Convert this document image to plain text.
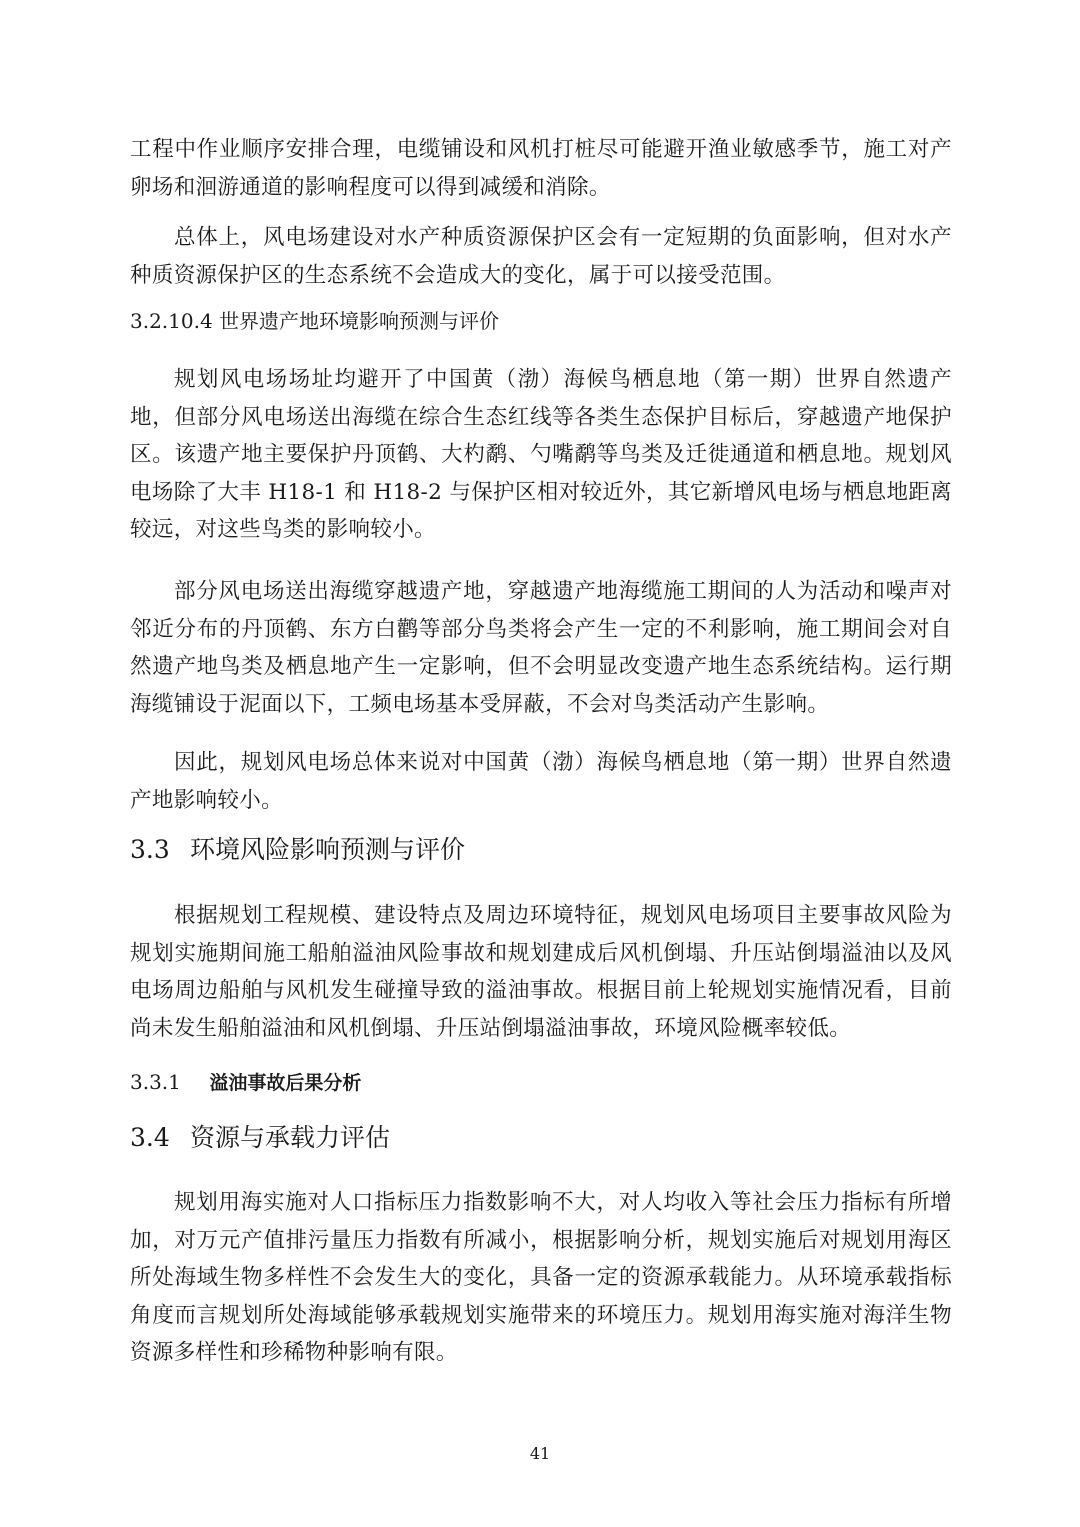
工程中作业顺序安排合理，电缆铺设和风机打桩尽可能避开渔业敏感季节，施工对产卵场和洄游通道的影响程度可以得到减缓和消除。

总体上，风电场建设对水产种质资源保护区会有一定短期的负面影响，但对水产种质资源保护区的生态系统不会造成大的变化，属于可以接受范围。

3.2.10.4 世界遗产地环境影响预测与评价

规划风电场场址均避开了中国黄（渤）海候鸟栖息地（第一期）世界自然遗产地，但部分风电场送出海缆在综合生态红线等各类生态保护目标后，穿越遗产地保护区。该遗产地主要保护丹顶鹤、大杓鹬、勺嘴鹬等鸟类及迁徙通道和栖息地。规划风电场除了大丰 H18-1 和 H18-2 与保护区相对较近外，其它新增风电场与栖息地距离较远，对这些鸟类的影响较小。

部分风电场送出海缆穿越遗产地，穿越遗产地海缆施工期间的人为活动和噪声对邻近分布的丹顶鹤、东方白鹳等部分鸟类将会产生一定的不利影响，施工期间会对自然遗产地鸟类及栖息地产生一定影响，但不会明显改变遗产地生态系统结构。运行期海缆铺设于泥面以下，工频电场基本受屏蔽，不会对鸟类活动产生影响。

因此，规划风电场总体来说对中国黄（渤）海候鸟栖息地（第一期）世界自然遗产地影响较小。

3.3 环境风险影响预测与评价

根据规划工程规模、建设特点及周边环境特征，规划风电场项目主要事故风险为规划实施期间施工船舶溢油风险事故和规划建成后风机倒塌、升压站倒塌溢油以及风电场周边船舶与风机发生碰撞导致的溢油事故。根据目前上轮规划实施情况看，目前尚未发生船舶溢油和风机倒塌、升压站倒塌溢油事故，环境风险概率较低。

3.3.1 溢油事故后果分析
3.4 资源与承载力评估

规划用海实施对人口指标压力指数影响不大，对人均收入等社会压力指标有所增加，对万元产值排污量压力指数有所减小，根据影响分析，规划实施后对规划用海区所处海域生物多样性不会发生大的变化，具备一定的资源承载能力。从环境承载指标角度而言规划所处海域能够承载规划实施带来的环境压力。规划用海实施对海洋生物资源多样性和珍稀物种影响有限。

41
